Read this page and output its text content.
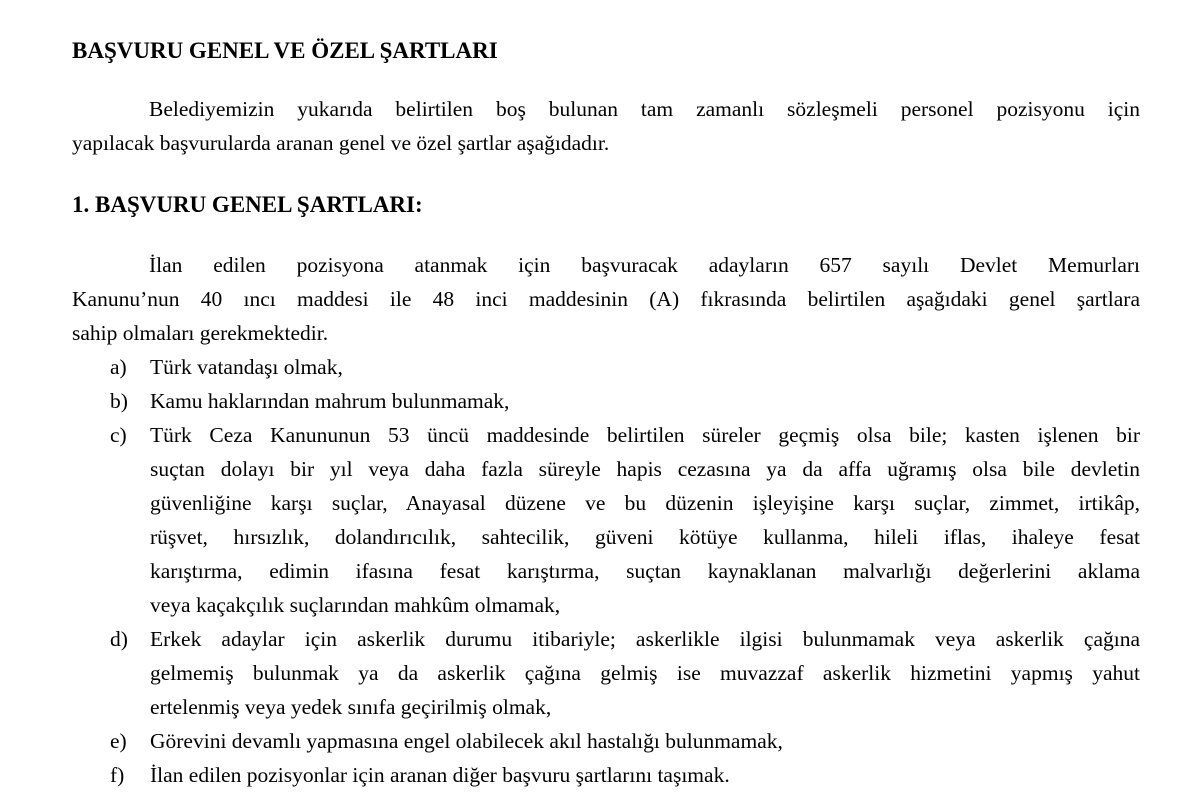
BAŞVURU GENEL VE ÖZEL ŞARTLARI

Belediyemizin yukarıda belirtilen boş bulunan tam zamanlı sözleşmeli personel pozisyonu için
yapılacak başvurularda aranan genel ve özel şartlar aşağıdadır.

1. BAŞVURU GENEL ŞARTLARI:

İlan edilen pozisyona atanmak için başvuracak adayların 657 sayılı Devlet Memurları
Kanunu’nun 40 ıncı maddesi ile 48 inci maddesinin (A) fıkrasında belirtilen aşağıdaki genel şartlara
sahip olmaları gerekmektedir.

a) Türk vatandaşı olmak,
b) Kamu haklarından mahrum bulunmamak,
c) Türk Ceza Kanununun 53 üncü maddesinde belirtilen süreler geçmiş olsa bile; kasten işlenen bir
suçtan dolayı bir yıl veya daha fazla süreyle hapis cezasına ya da affa uğramış olsa bile devletin
güvenliğine karşı suçlar, Anayasal düzene ve bu düzenin işleyişine karşı suçlar, zimmet, irtikâp,
rüşvet, hırsızlık, dolandırıcılık, sahtecilik, güveni kötüye kullanma, hileli iflas, ihaleye fesat
karıştırma, edimin ifasına fesat karıştırma, suçtan kaynaklanan malvarlığı değerlerini aklama
veya kaçakçılık suçlarından mahkûm olmamak,
d) Erkek adaylar için askerlik durumu itibariyle; askerlikle ilgisi bulunmamak veya askerlik çağına
gelmemiş bulunmak ya da askerlik çağına gelmiş ise muvazzaf askerlik hizmetini yapmış yahut
ertelenmiş veya yedek sınıfa geçirilmiş olmak,
e) Görevini devamlı yapmasına engel olabilecek akıl hastalığı bulunmamak,
f) İlan edilen pozisyonlar için aranan diğer başvuru şartlarını taşımak.
